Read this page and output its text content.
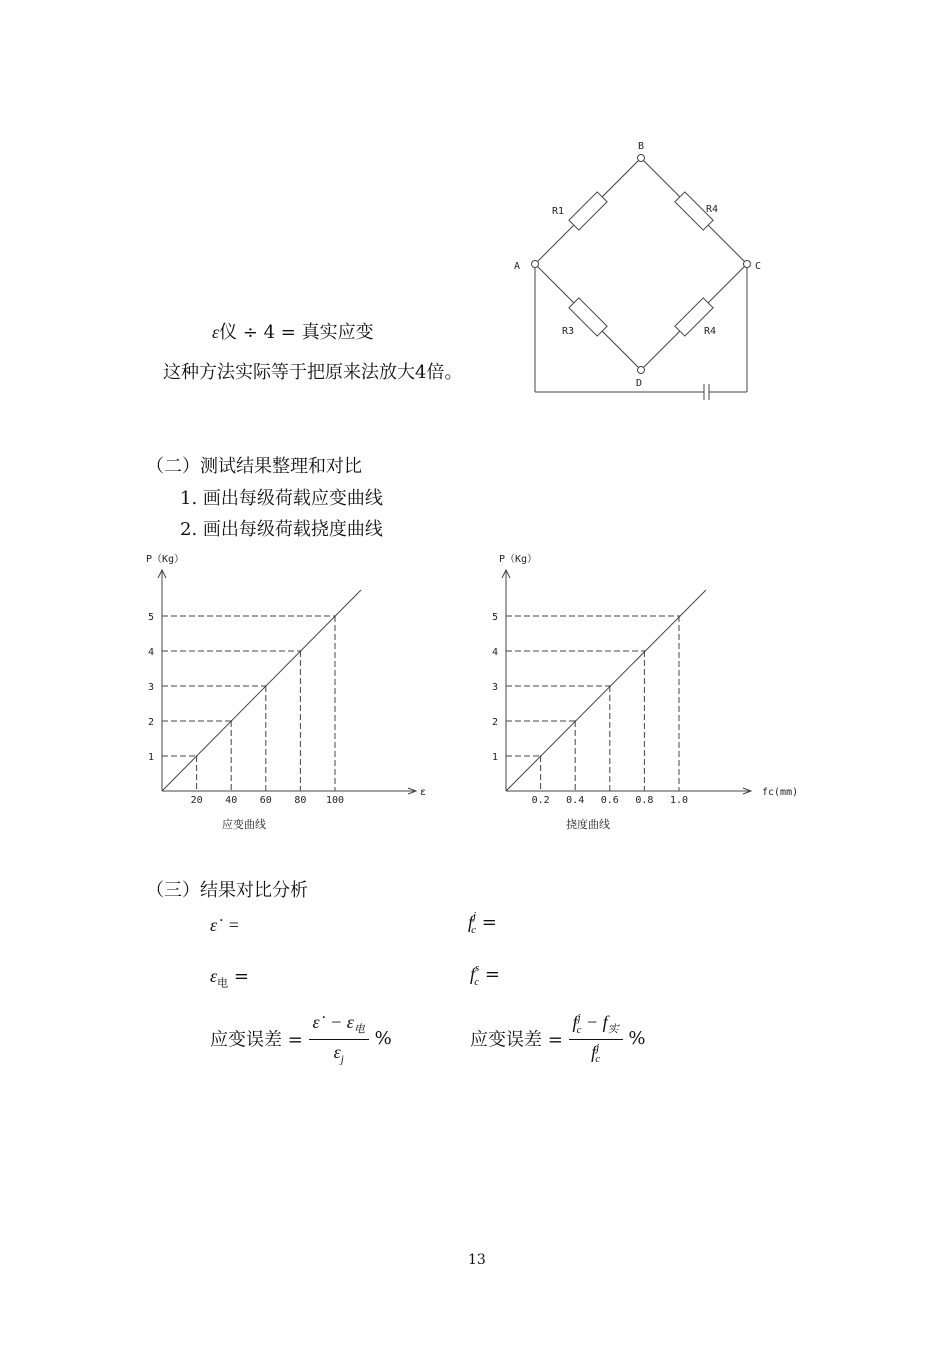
ε仪 ÷ 4 = 真实应变
这种方法实际等于把原来法放大4倍。
A
B
C
D
R1	R4
R3	R4
（二）测试结果整理和对比
1. 画出每级荷载应变曲线
2. 画出每级荷载挠度曲线
1
2
3
4
5
20 40 60 80 100
P（Kg）
ε
应变曲线
1
2
3
4
5
0.2 0.4 0.6 0.8 1.0
P（Kg）
fc(mm)
挠度曲线
（三）结果对比分析
ε˙ =	$f^j_c$ =
$\varepsilon_电$ =	$f^s_c$ =
应变误差 = $\frac{\varepsilon˙ - \varepsilon_电}{\varepsilon_j}$ %	应变误差 = $\frac{f^j_c - f_实}{f^j_c}$ %
13
